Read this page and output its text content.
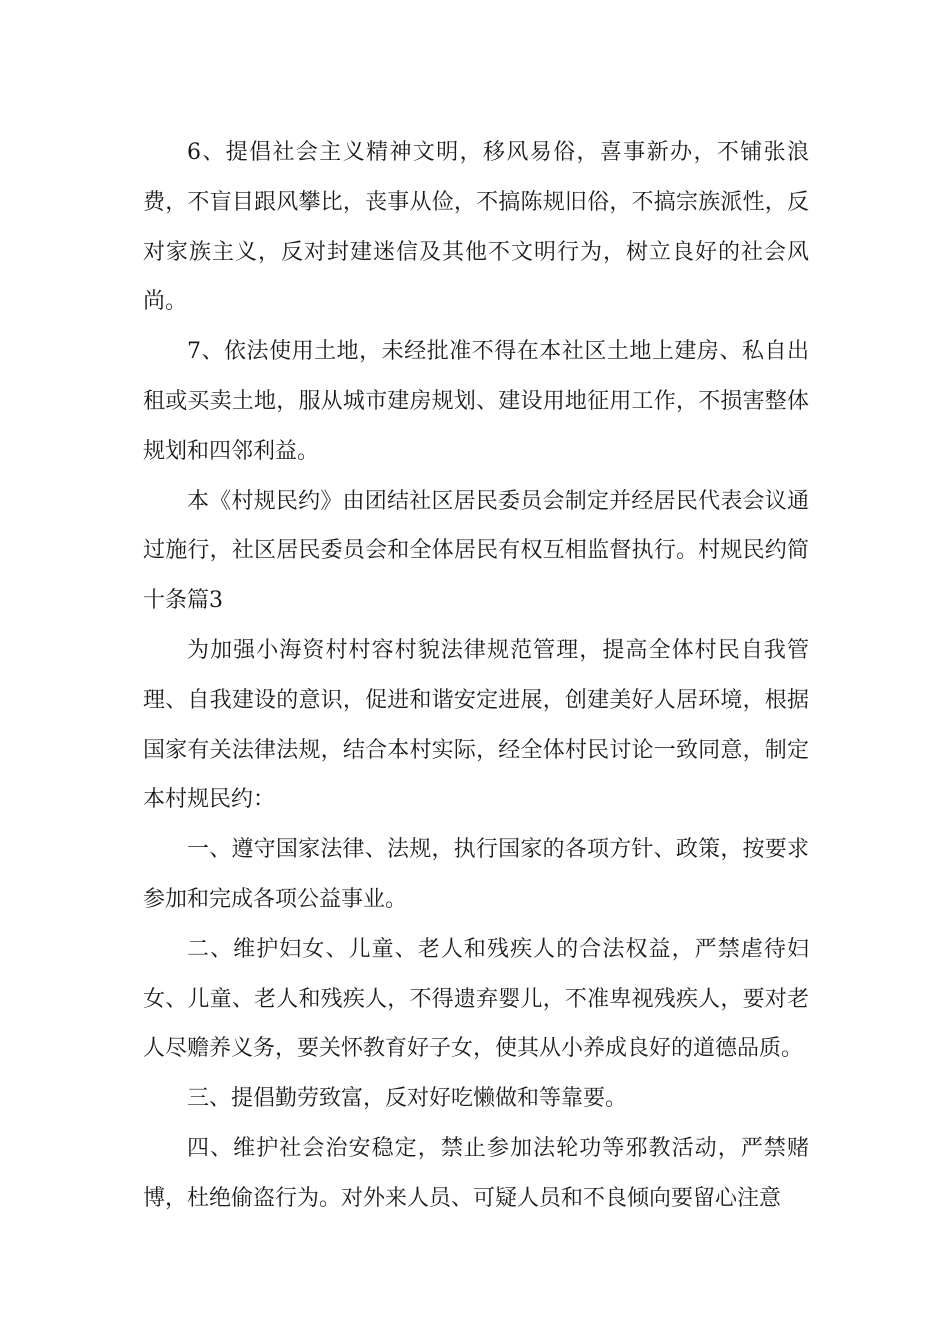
6、提倡社会主义精神文明，移风易俗，喜事新办，不铺张浪费，不盲目跟风攀比，丧事从俭，不搞陈规旧俗，不搞宗族派性，反对家族主义，反对封建迷信及其他不文明行为，树立良好的社会风尚。

7、依法使用土地，未经批准不得在本社区土地上建房、私自出租或买卖土地，服从城市建房规划、建设用地征用工作，不损害整体规划和四邻利益。

本《村规民约》由团结社区居民委员会制定并经居民代表会议通过施行，社区居民委员会和全体居民有权互相监督执行。村规民约简十条篇3

为加强小海资村村容村貌法律规范管理，提高全体村民自我管理、自我建设的意识，促进和谐安定进展，创建美好人居环境，根据国家有关法律法规，结合本村实际，经全体村民讨论一致同意，制定本村规民约：

一、遵守国家法律、法规，执行国家的各项方针、政策，按要求参加和完成各项公益事业。

二、维护妇女、儿童、老人和残疾人的合法权益，严禁虐待妇女、儿童、老人和残疾人，不得遗弃婴儿，不准卑视残疾人，要对老人尽赡养义务，要关怀教育好子女，使其从小养成良好的道德品质。

三、提倡勤劳致富，反对好吃懒做和等靠要。

四、维护社会治安稳定，禁止参加法轮功等邪教活动，严禁赌博，杜绝偷盗行为。对外来人员、可疑人员和不良倾向要留心注意
